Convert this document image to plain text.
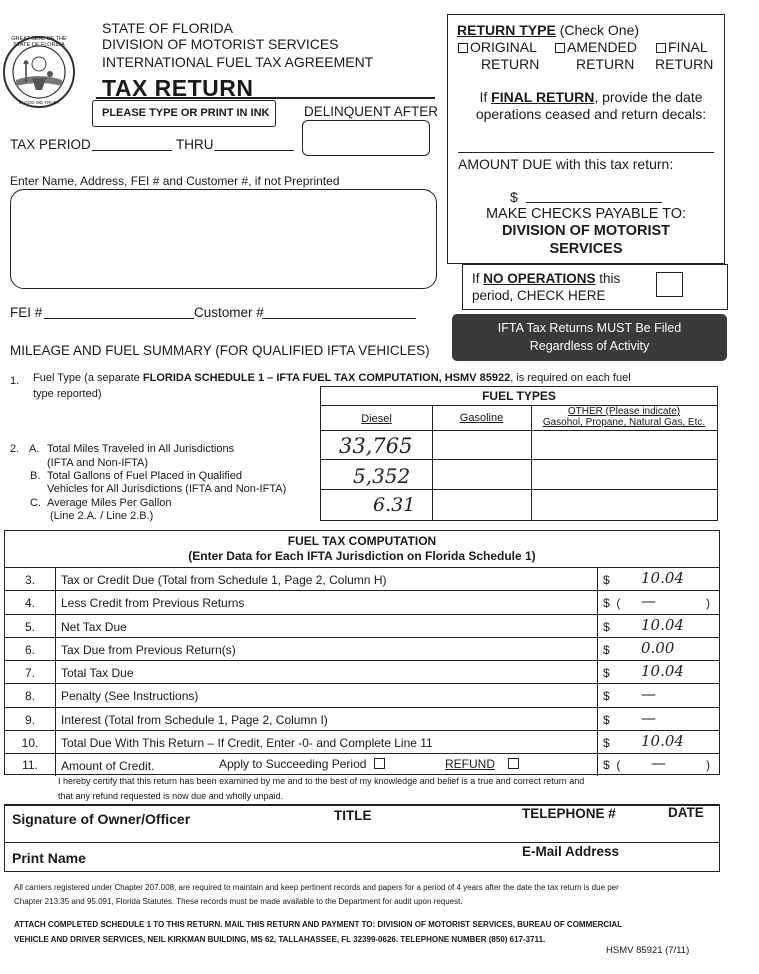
GREAT SEAL OF THE STATE OF FLORIDA
IN GOD WE TRUST
STATE OF FLORIDA
DIVISION OF MOTORIST SERVICES
INTERNATIONAL FUEL TAX AGREEMENT
TAX RETURN
PLEASE TYPE OR PRINT IN INK	DELINQUENT AFTER
TAX PERIOD	THRU
RETURN TYPE (Check One)
ORIGINAL
RETURN
AMENDED
RETURN
FINAL
RETURN
If FINAL RETURN, provide the date operations ceased and return decals:
AMOUNT DUE with this tax return:
$
MAKE CHECKS PAYABLE TO:
DIVISION OF MOTORIST
SERVICES
If NO OPERATIONS this
period, CHECK HERE
IFTA Tax Returns MUST Be Filed
Regardless of Activity
Enter Name, Address, FEI # and Customer #, if not Preprinted
FEI #	Customer #
MILEAGE AND FUEL SUMMARY (FOR QUALIFIED IFTA VEHICLES)
1. Fuel Type (a separate FLORIDA SCHEDULE 1 – IFTA FUEL TAX COMPUTATION, HSMV 85922, is required on each fuel
type reported)	FUEL TYPES
Diesel	Gasoline
OTHER (Please indicate)
Gasohol, Propane, Natural Gas, Etc.
33,765
5,352
6.31
2. A. Total Miles Traveled in All Jurisdictions
(IFTA and Non-IFTA)
B. Total Gallons of Fuel Placed in Qualified
Vehicles for All Jurisdictions (IFTA and Non-IFTA)
C. Average Miles Per Gallon
(Line 2.A. / Line 2.B.)
FUEL TAX COMPUTATION
(Enter Data for Each IFTA Jurisdiction on Florida Schedule 1)
3.	Tax or Credit Due (Total from Schedule 1, Page 2, Column H)	$ 10.04
4.	Less Credit from Previous Returns	$  ( —	)
5.	Net Tax Due	$ 10.04
6.	Tax Due from Previous Return(s)	$ 0.00
7.	Total Tax Due	$ 10.04
8.	Penalty (See Instructions)	$ —
9.	Interest (Total from Schedule 1, Page 2, Column I)	$ —
10.	Total Due With This Return – If Credit, Enter -0- and Complete Line 11	$ 10.04
11.	Amount of Credit.	Apply to Succeeding Period	REFUND	$  ( —	)
I hereby certify that this return has been examined by me and to the best of my knowledge and belief is a true and correct return and
that any refund requested is now due and wholly unpaid.
Signature of Owner/Officer	TITLE	TELEPHONE #	DATE
Print Name	E-Mail Address
All carriers registered under Chapter 207.008, are required to maintain and keep pertinent records and papers for a period of 4 years after the date the tax return is due per
Chapter 213.35 and 95.091, Florida Statutes. These records must be made available to the Department for audit upon request.
ATTACH COMPLETED SCHEDULE 1 TO THIS RETURN. MAIL THIS RETURN AND PAYMENT TO: DIVISION OF MOTORIST SERVICES, BUREAU OF COMMERCIAL
VEHICLE AND DRIVER SERVICES, NEIL KIRKMAN BUILDING, MS 62, TALLAHASSEE, FL 32399-0626. TELEPHONE NUMBER (850) 617-3711.
HSMV 85921 (7/11)
